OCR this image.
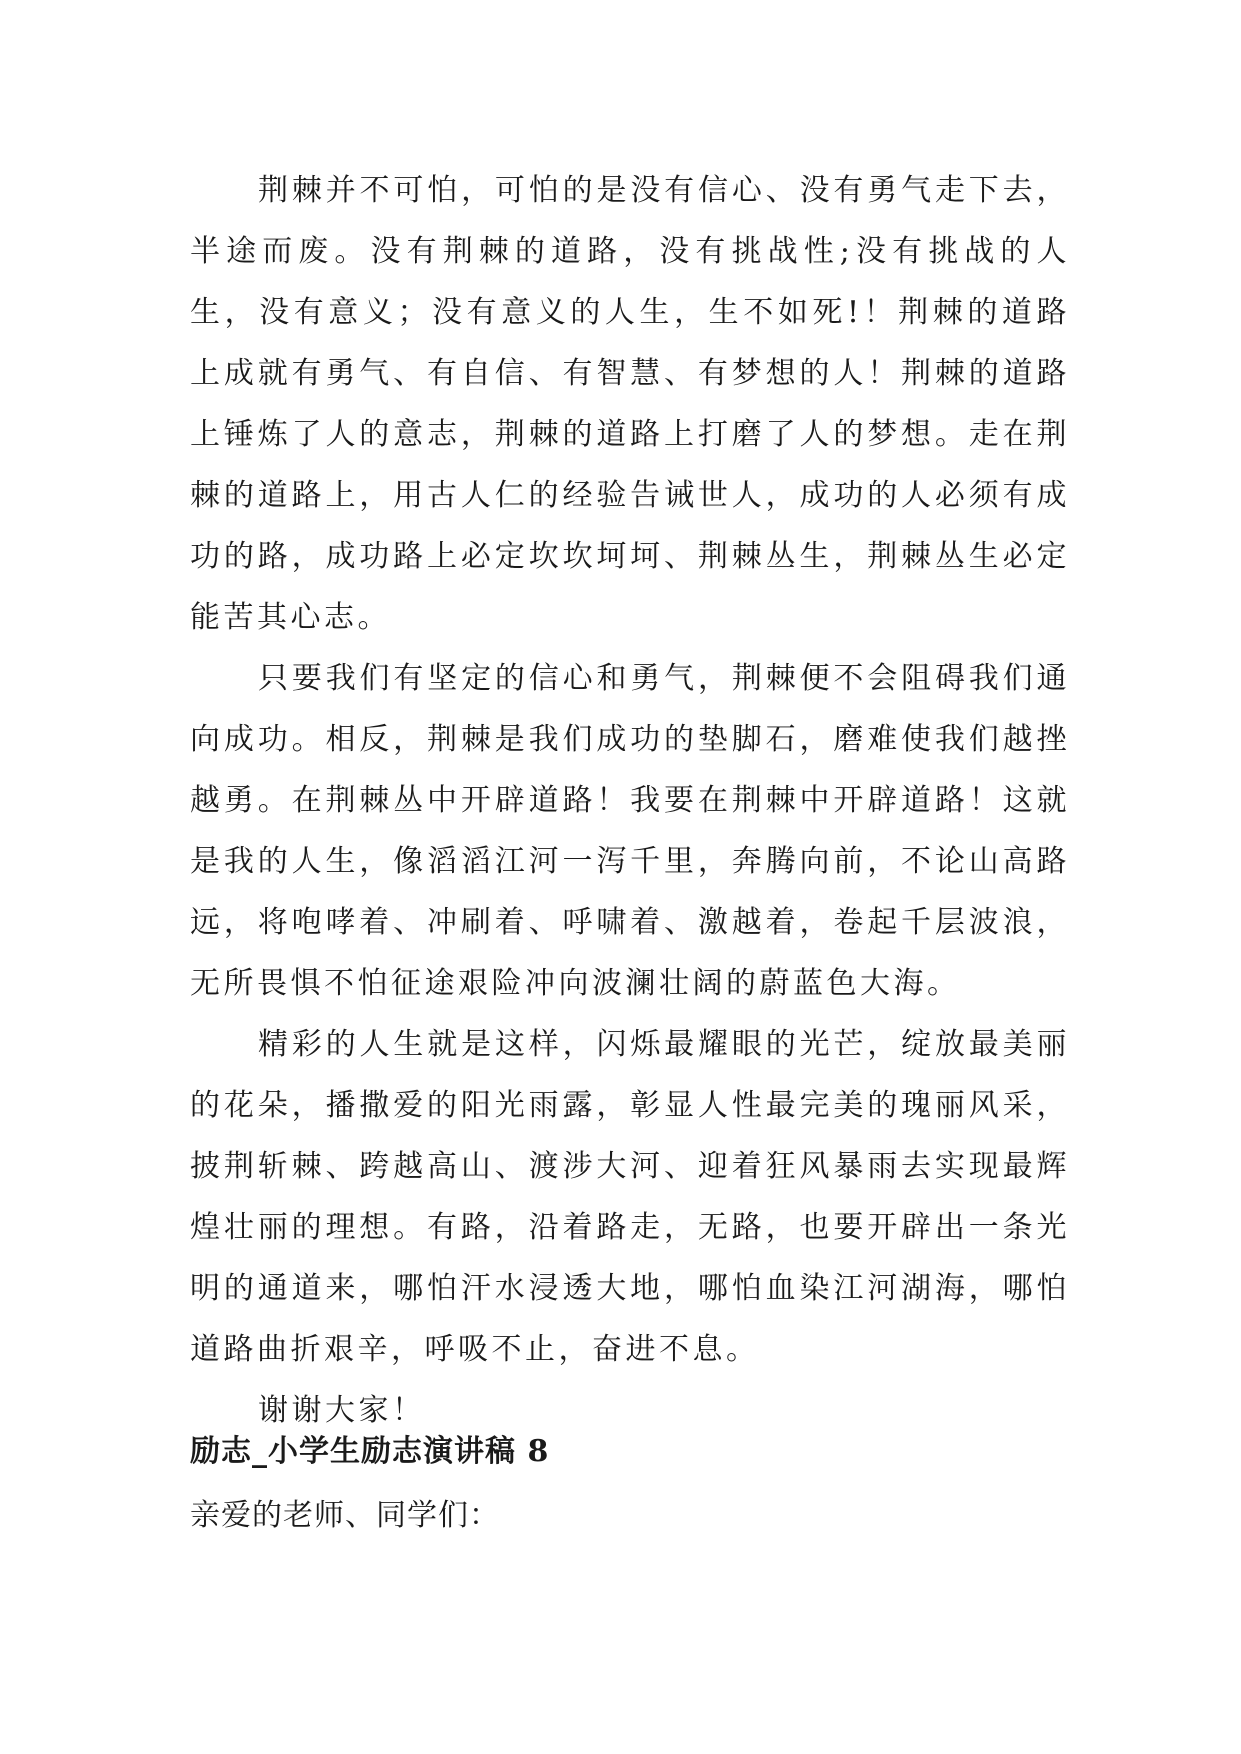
荆棘并不可怕，可怕的是没有信心、没有勇气走下去，半途而废。没有荆棘的道路，没有挑战性;没有挑战的人生，没有意义；没有意义的人生，生不如死!！荆棘的道路上成就有勇气、有自信、有智慧、有梦想的人！荆棘的道路上锤炼了人的意志，荆棘的道路上打磨了人的梦想。走在荆棘的道路上，用古人仁的经验告诫世人，成功的人必须有成功的路，成功路上必定坎坎坷坷、荆棘丛生，荆棘丛生必定能苦其心志。

只要我们有坚定的信心和勇气，荆棘便不会阻碍我们通向成功。相反，荆棘是我们成功的垫脚石，磨难使我们越挫越勇。在荆棘丛中开辟道路！我要在荆棘中开辟道路！这就是我的人生，像滔滔江河一泻千里，奔腾向前，不论山高路远，将咆哮着、冲刷着、呼啸着、激越着，卷起千层波浪，无所畏惧不怕征途艰险冲向波澜壮阔的蔚蓝色大海。

精彩的人生就是这样，闪烁最耀眼的光芒，绽放最美丽的花朵，播撒爱的阳光雨露，彰显人性最完美的瑰丽风采，披荆斩棘、跨越高山、渡涉大河、迎着狂风暴雨去实现最辉煌壮丽的理想。有路，沿着路走，无路，也要开辟出一条光明的通道来，哪怕汗水浸透大地，哪怕血染江河湖海，哪怕道路曲折艰辛，呼吸不止，奋进不息。

谢谢大家！

励志_小学生励志演讲稿 8

亲爱的老师、同学们：
